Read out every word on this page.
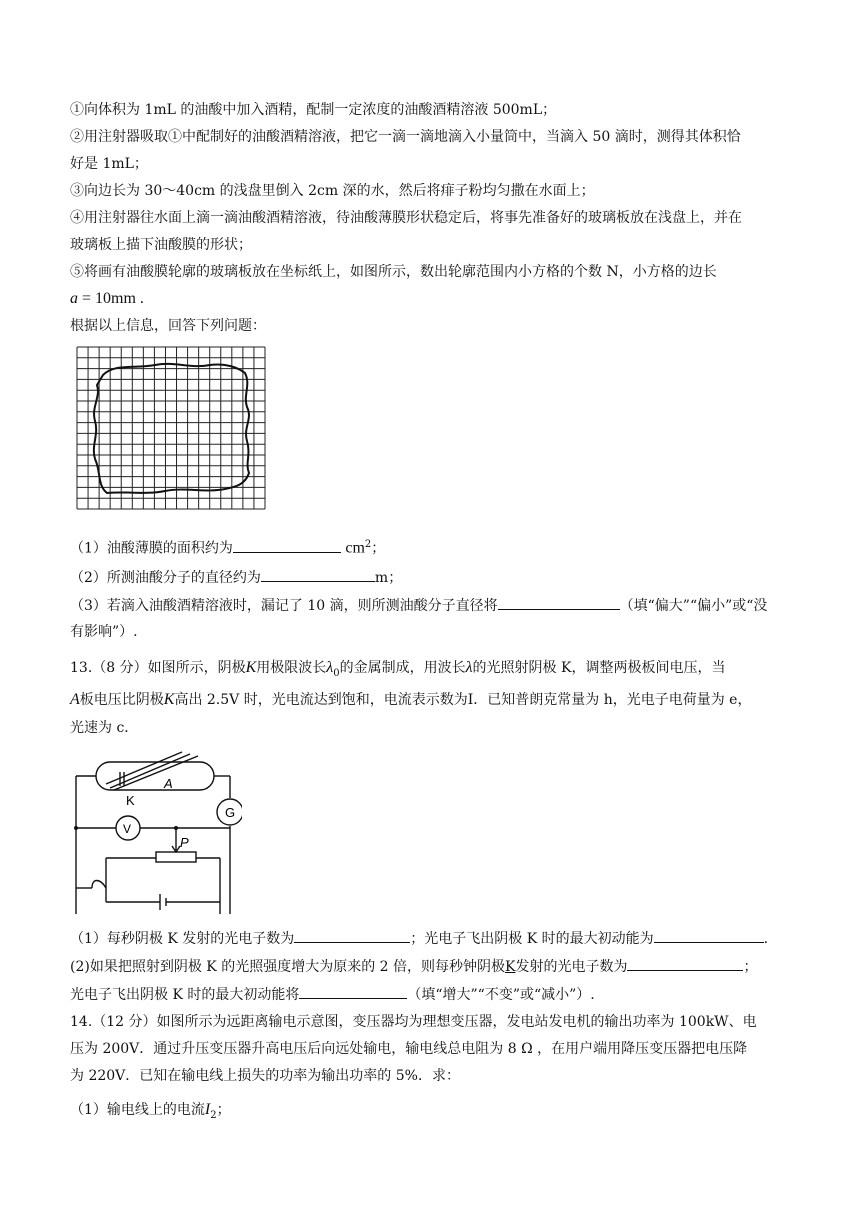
①向体积为 1mL 的油酸中加入酒精，配制一定浓度的油酸酒精溶液 500mL；
②用注射器吸取①中配制好的油酸酒精溶液，把它一滴一滴地滴入小量筒中，当滴入 50 滴时，测得其体积恰
好是 1mL；
③向边长为 30～40cm 的浅盘里倒入 2cm 深的水，然后将痱子粉均匀撒在水面上；
④用注射器往水面上滴一滴油酸酒精溶液，待油酸薄膜形状稳定后，将事先准备好的玻璃板放在浅盘上，并在
玻璃板上描下油酸膜的形状；
⑤将画有油酸膜轮廓的玻璃板放在坐标纸上，如图所示，数出轮廓范围内小方格的个数 N，小方格的边长
a = 10mm .
根据以上信息，回答下列问题：
（1）油酸薄膜的面积约为	$cm^2$；
（2）所测油酸分子的直径约为	m；
（3）若滴入油酸酒精溶液时，漏记了 10 滴，则所测油酸分子直径将	（填“偏大”“偏小”或“没
有影响”）.
13.（8 分）如图所示，阴极K用极限波长$\lambda_0$的金属制成，用波长λ的光照射阴极 K，调整两极板间电压，当
A板电压比阴极K高出 2.5V 时，光电流达到饱和，电流表示数为I．已知普朗克常量为 h，光电子电荷量为 e，
光速为 c．
A
K
G
V
P
（1）每秒阴极 K 发射的光电子数为	；光电子飞出阴极 K 时的最大初动能为	.
(2)如果把照射到阴极 K 的光照强度增大为原来的 2 倍，则每秒钟阴极K发射的光电子数为	；
光电子飞出阴极 K 时的最大初动能将	（填“增大”“不变”或“减小”）.
14.（12 分）如图所示为远距离输电示意图，变压器均为理想变压器，发电站发电机的输出功率为 100kW、电
压为 200V．通过升压变压器升高电压后向远处输电，输电线总电阻为 8 Ω ，在用户端用降压变压器把电压降
为 220V．已知在输电线上损失的功率为输出功率的 5%．求：
（1）输电线上的电流$I_2$；
